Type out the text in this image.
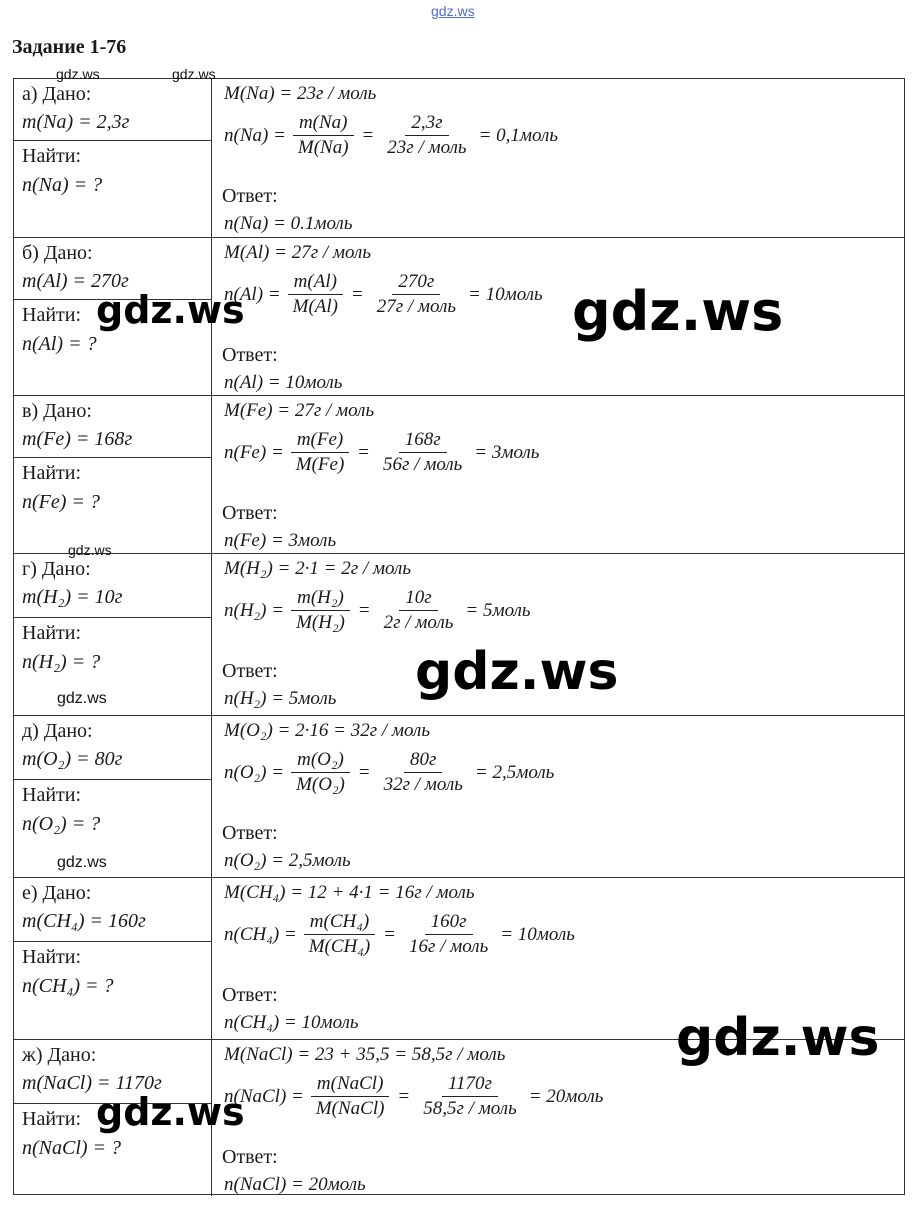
gdz.ws
Задание 1-76
а) Дано:
m(Na) = 2,3г
Найти:
n(Na) = ?
M(Na) = 23г / моль
$n(Na) = \frac{m(Na)}{M(Na)} = \frac{2,3г}{\text{23г / моль}}$ = 0,1моль
Ответ:
n(Na) = 0.1моль
б) Дано:
m(Al) = 270г
Найти:
n(Al) = ?
M(Al) = 27г / моль
$n(Al) = \frac{m(Al)}{M(Al)} = \frac{270г}{\text{27г / моль}}$ = 10моль
Ответ:
n(Al) = 10моль
в) Дано:
m(Fe) = 168г
Найти:
n(Fe) = ?
M(Fe) = 27г / моль
$n(Fe) = \frac{m(Fe)}{M(Fe)} = \frac{168г}{\text{56г / моль}}$ = 3моль
Ответ:
n(Fe) = 3моль
г) Дано:
m(H₂) = 10г
Найти:
n(H₂) = ?
M(H₂) = 2·1 = 2г / моль
$n(H_2) = \frac{\text{m(H₂)}}{\text{M(H₂)}} = \frac{10г}{\text{2г / моль}}$ = 5моль
Ответ:
n(H₂) = 5моль
д) Дано:
m(O₂) = 80г
Найти:
n(O₂) = ?
M(O₂) = 2·16 = 32г / моль
$n(O_2) = \frac{\text{m(O₂)}}{\text{M(O₂)}} = \frac{80г}{\text{32г / моль}}$ = 2,5моль
Ответ:
n(O₂) = 2,5моль
е) Дано:
m(CH₄) = 160г
Найти:
n(CH₄) = ?
M(CH₄) = 12 + 4·1 = 16г / моль
$n(CH_4) = \frac{\text{m(CH₄)}}{\text{M(CH₄)}} = \frac{160г}{\text{16г / моль}}$ = 10моль
Ответ:
n(CH₄) = 10моль
ж) Дано:
m(NaCl) = 1170г
Найти:
n(NaCl) = ?
M(NaCl) = 23 + 35,5 = 58,5г / моль
n(NaCl) = $\frac{\text{m(NaCl)}}{\text{M(NaCl)}} = \frac{1170г}{\text{58,5г / моль}}$ = 20моль
Ответ:
n(NaCl) = 20моль
gdz.ws	gdz.ws
gdz.ws
gdz.ws
gdz.ws
gdz.ws	gdz.ws
gdz.ws
gdz.ws
gdz.ws
